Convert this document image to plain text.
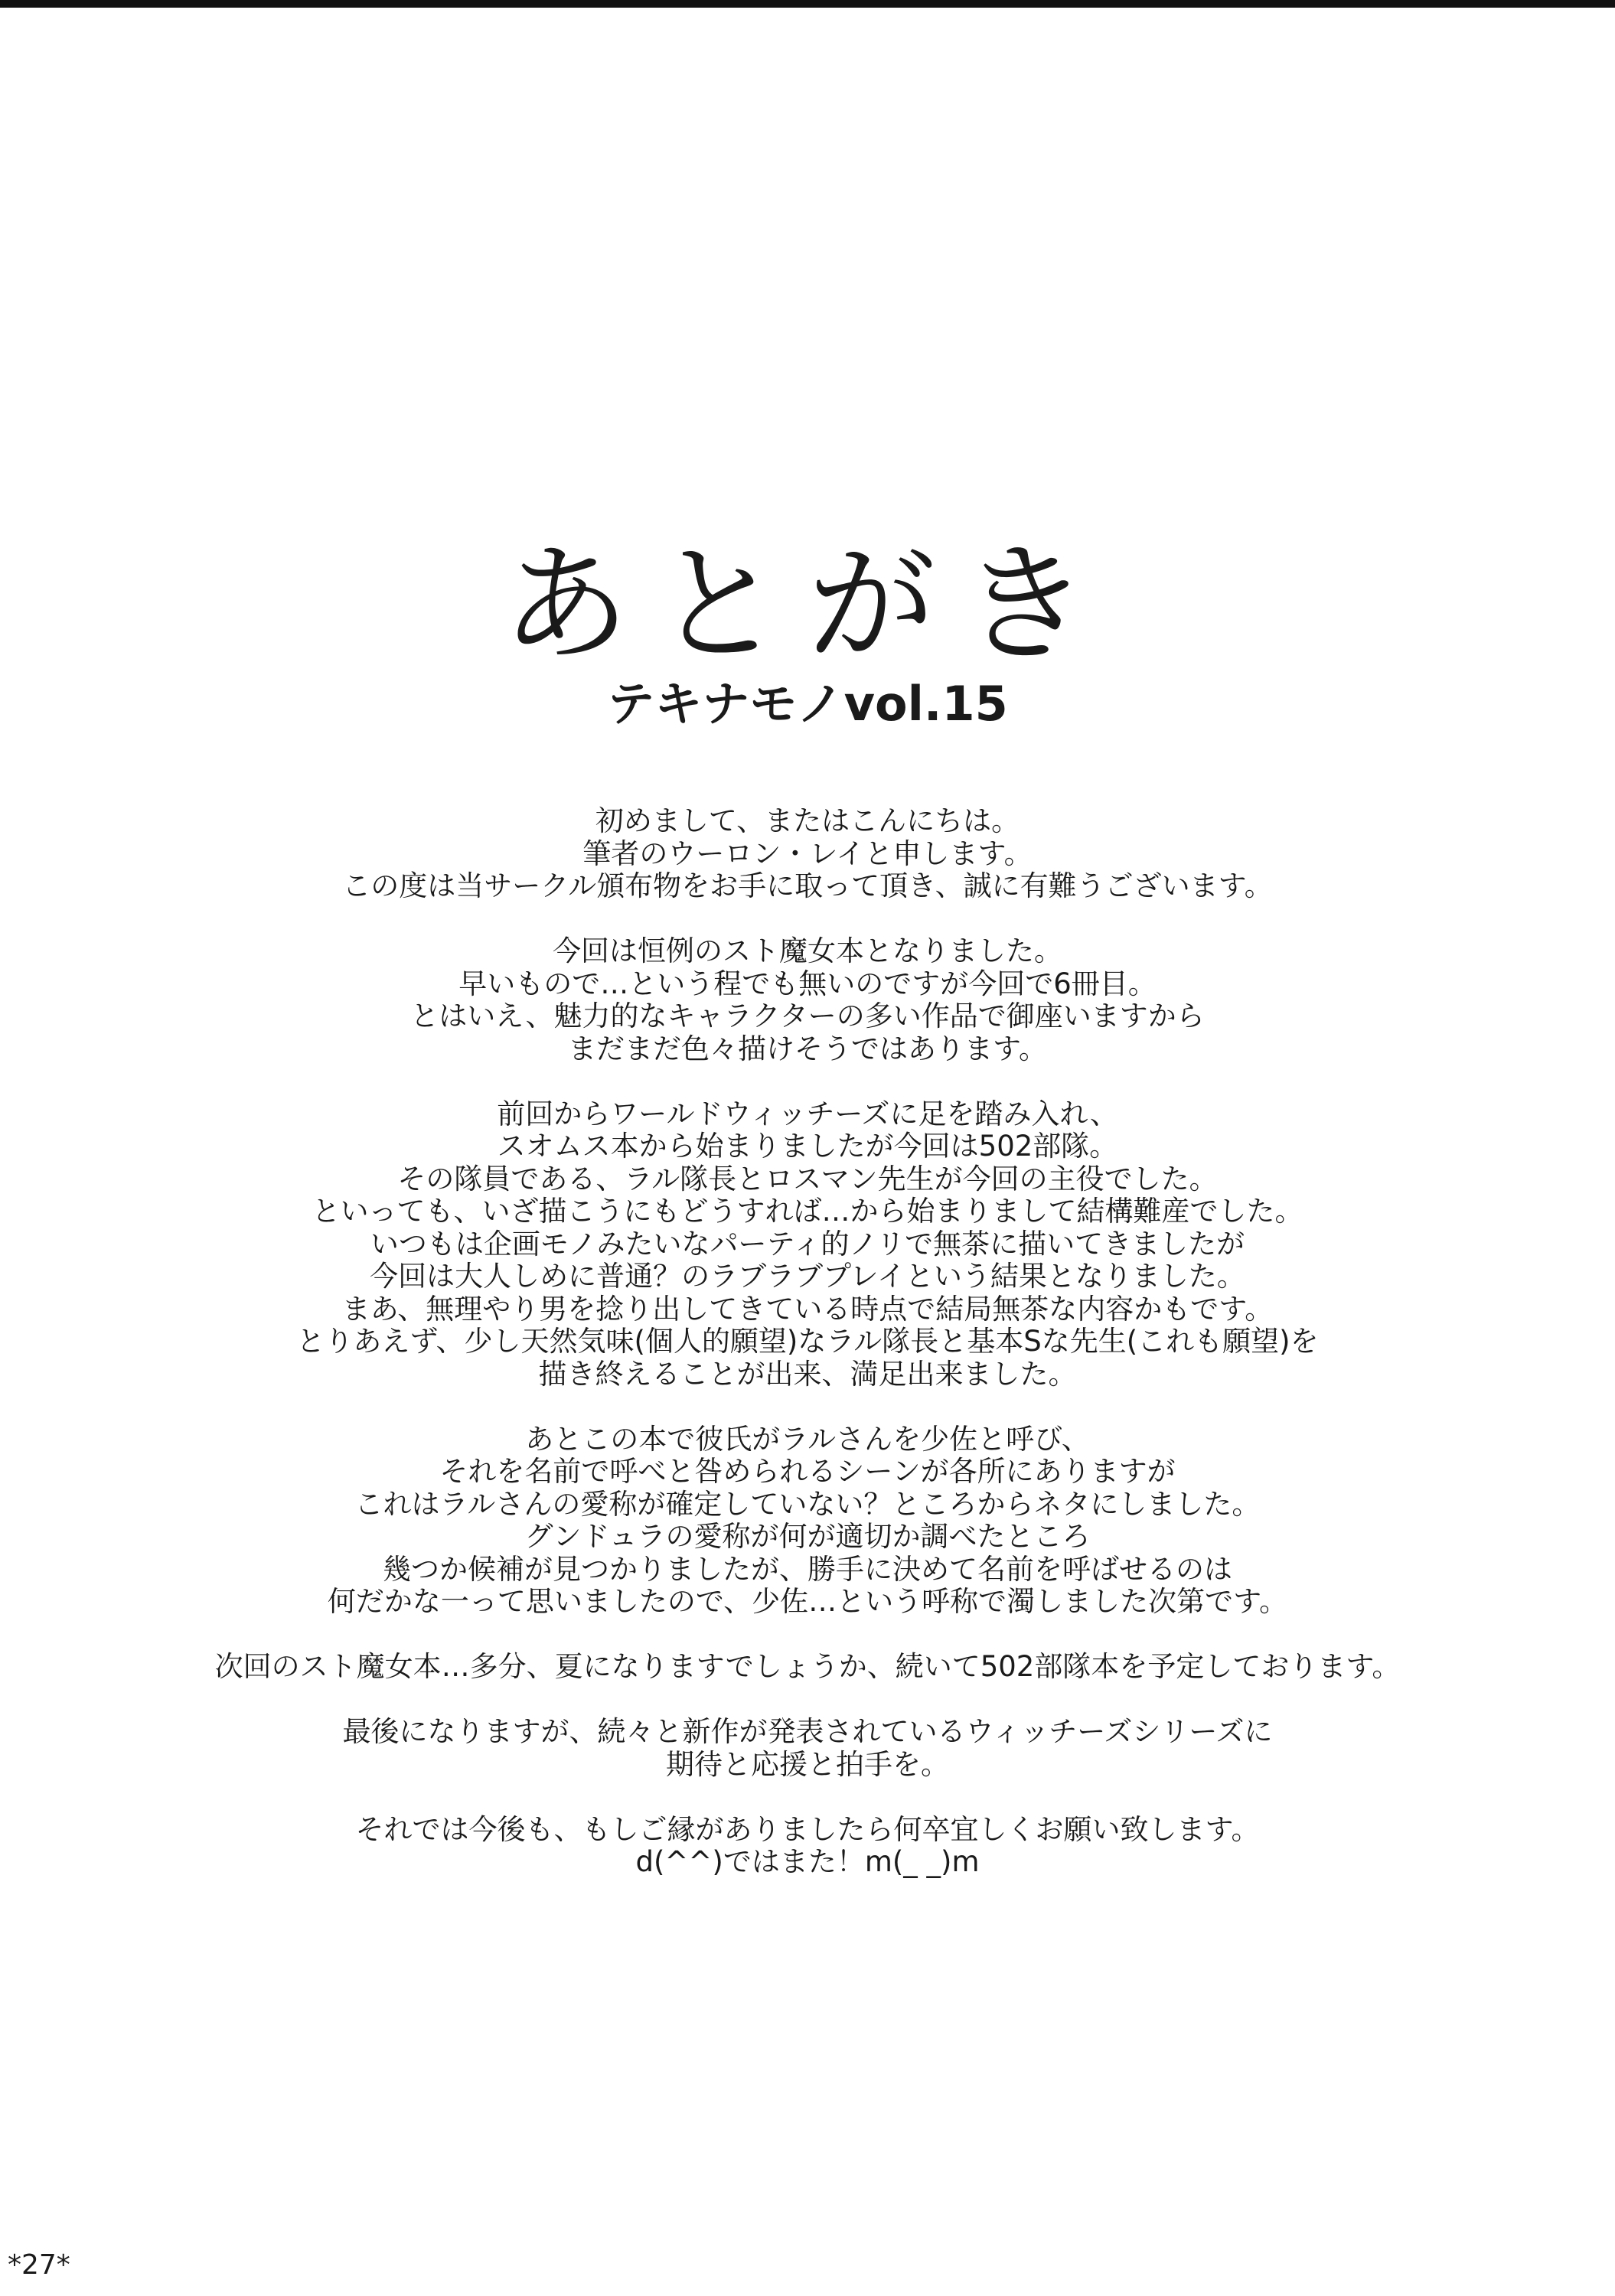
あとがき
テキナモノvol.15

初めまして、またはこんにちは。
筆者のウーロン・レイと申します。
この度は当サークル頒布物をお手に取って頂き、誠に有難うございます。

今回は恒例のスト魔女本となりました。
早いもので…という程でも無いのですが今回で6冊目。
とはいえ、魅力的なキャラクターの多い作品で御座いますから
まだまだ色々描けそうではあります。

前回からワールドウィッチーズに足を踏み入れ、
スオムス本から始まりましたが今回は502部隊。
その隊員である、ラル隊長とロスマン先生が今回の主役でした。
といっても、いざ描こうにもどうすれば…から始まりまして結構難産でした。
いつもは企画モノみたいなパーティ的ノリで無茶に描いてきましたが
今回は大人しめに普通？のラブラブプレイという結果となりました。
まあ、無理やり男を捻り出してきている時点で結局無茶な内容かもです。
とりあえず、少し天然気味(個人的願望)なラル隊長と基本Sな先生(これも願望)を
描き終えることが出来、満足出来ました。

あとこの本で彼氏がラルさんを少佐と呼び、
それを名前で呼べと咎められるシーンが各所にありますが
これはラルさんの愛称が確定していない？ところからネタにしました。
グンドュラの愛称が何が適切か調べたところ
幾つか候補が見つかりましたが、勝手に決めて名前を呼ばせるのは
何だかな一って思いましたので、少佐…という呼称で濁しました次第です。

次回のスト魔女本…多分、夏になりますでしょうか、続いて502部隊本を予定しております。

最後になりますが、続々と新作が発表されているウィッチーズシリーズに
期待と応援と拍手を。

それでは今後も、もしご縁がありましたら何卒宜しくお願い致します。
d(^^)ではまた！m(_ _)m

*27*
